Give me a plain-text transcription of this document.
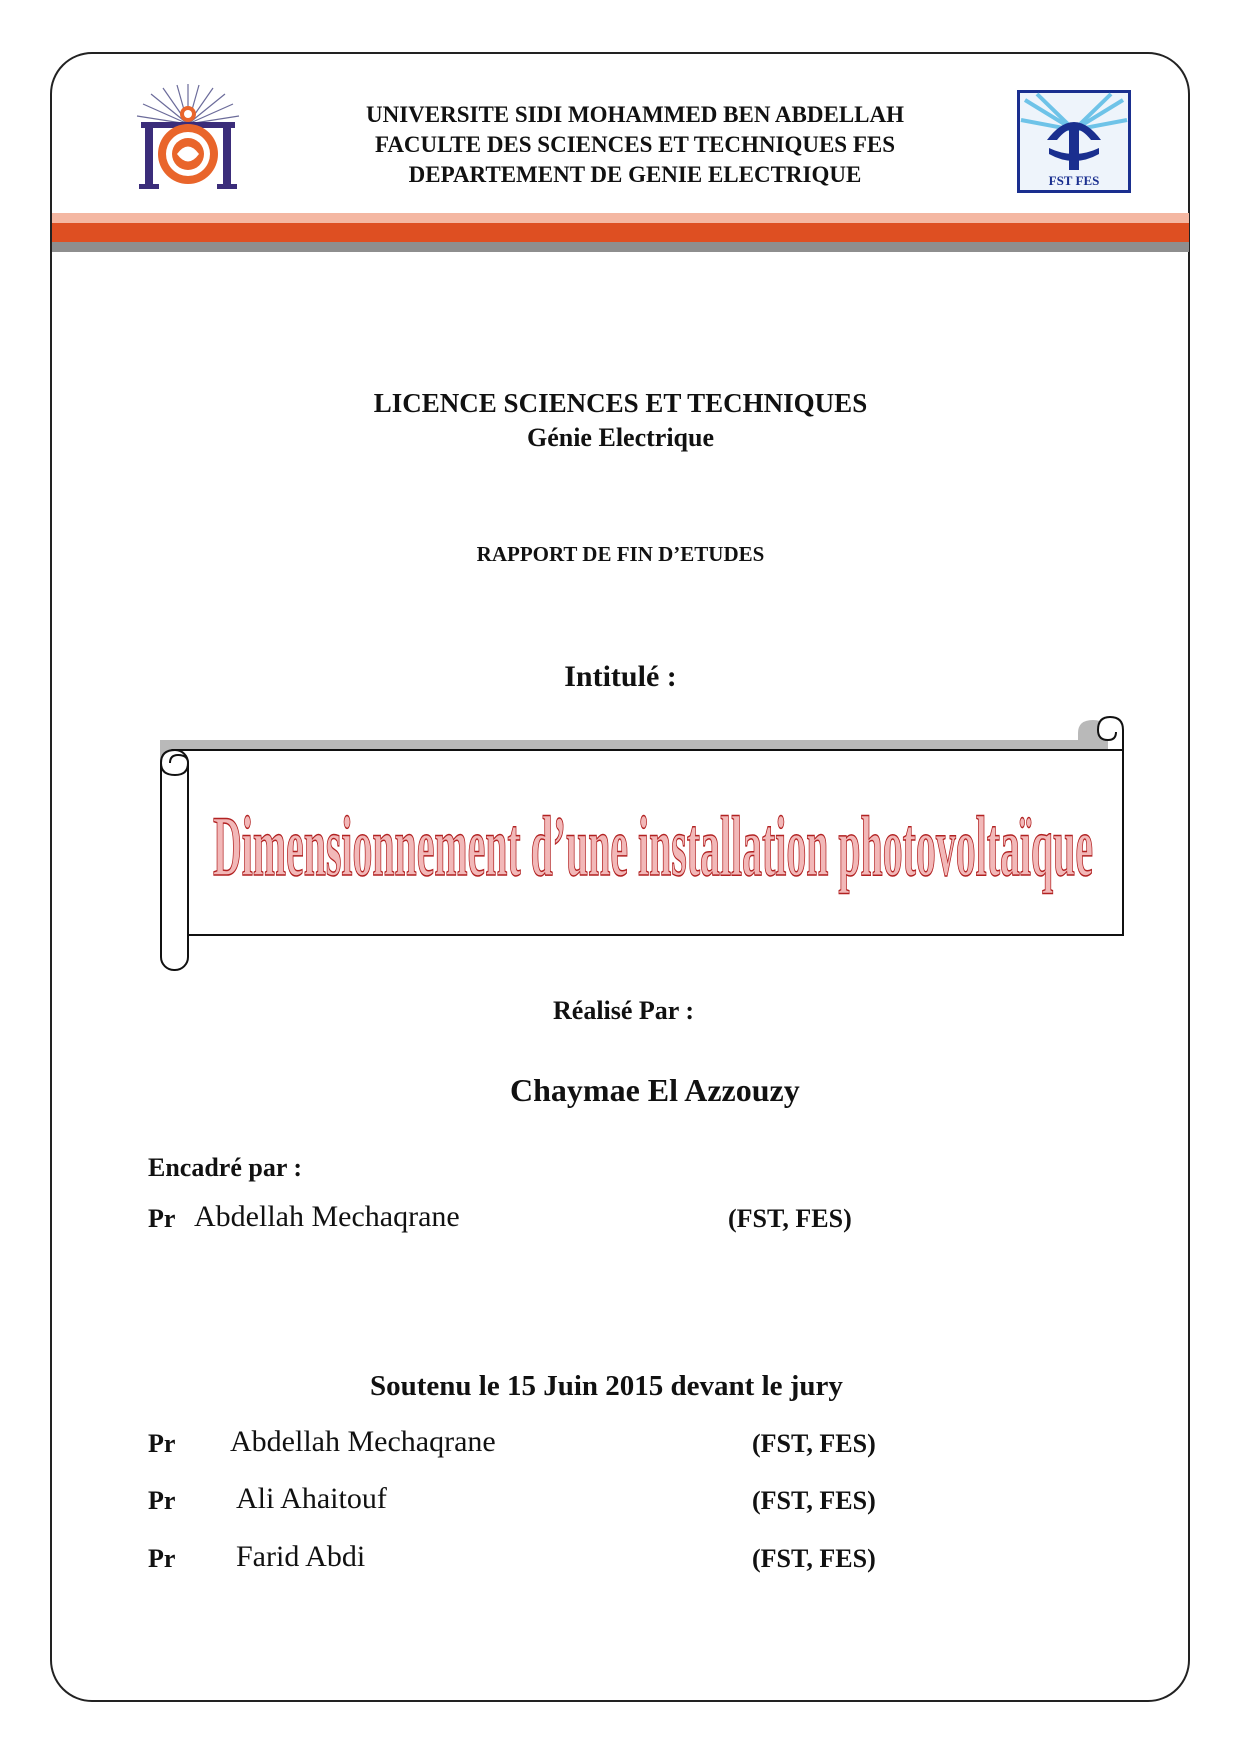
UNIVERSITE SIDI MOHAMMED BEN ABDELLAH
FACULTE DES SCIENCES ET TECHNIQUES FES
DEPARTEMENT DE GENIE ELECTRIQUE	FST FES
LICENCE SCIENCES ET TECHNIQUES
Génie Electrique
RAPPORT DE FIN D’ETUDES
Intitulé :
Dimensionnement d’une installation photovoltaïque
Réalisé Par :
Chaymae El Azzouzy
Encadré par :
Pr Abdellah Mechaqrane	(FST, FES)
Soutenu le 15 Juin 2015 devant le jury
Pr Abdellah Mechaqrane	(FST, FES)
Pr Ali Ahaitouf	(FST, FES)
Pr Farid Abdi	(FST, FES)
